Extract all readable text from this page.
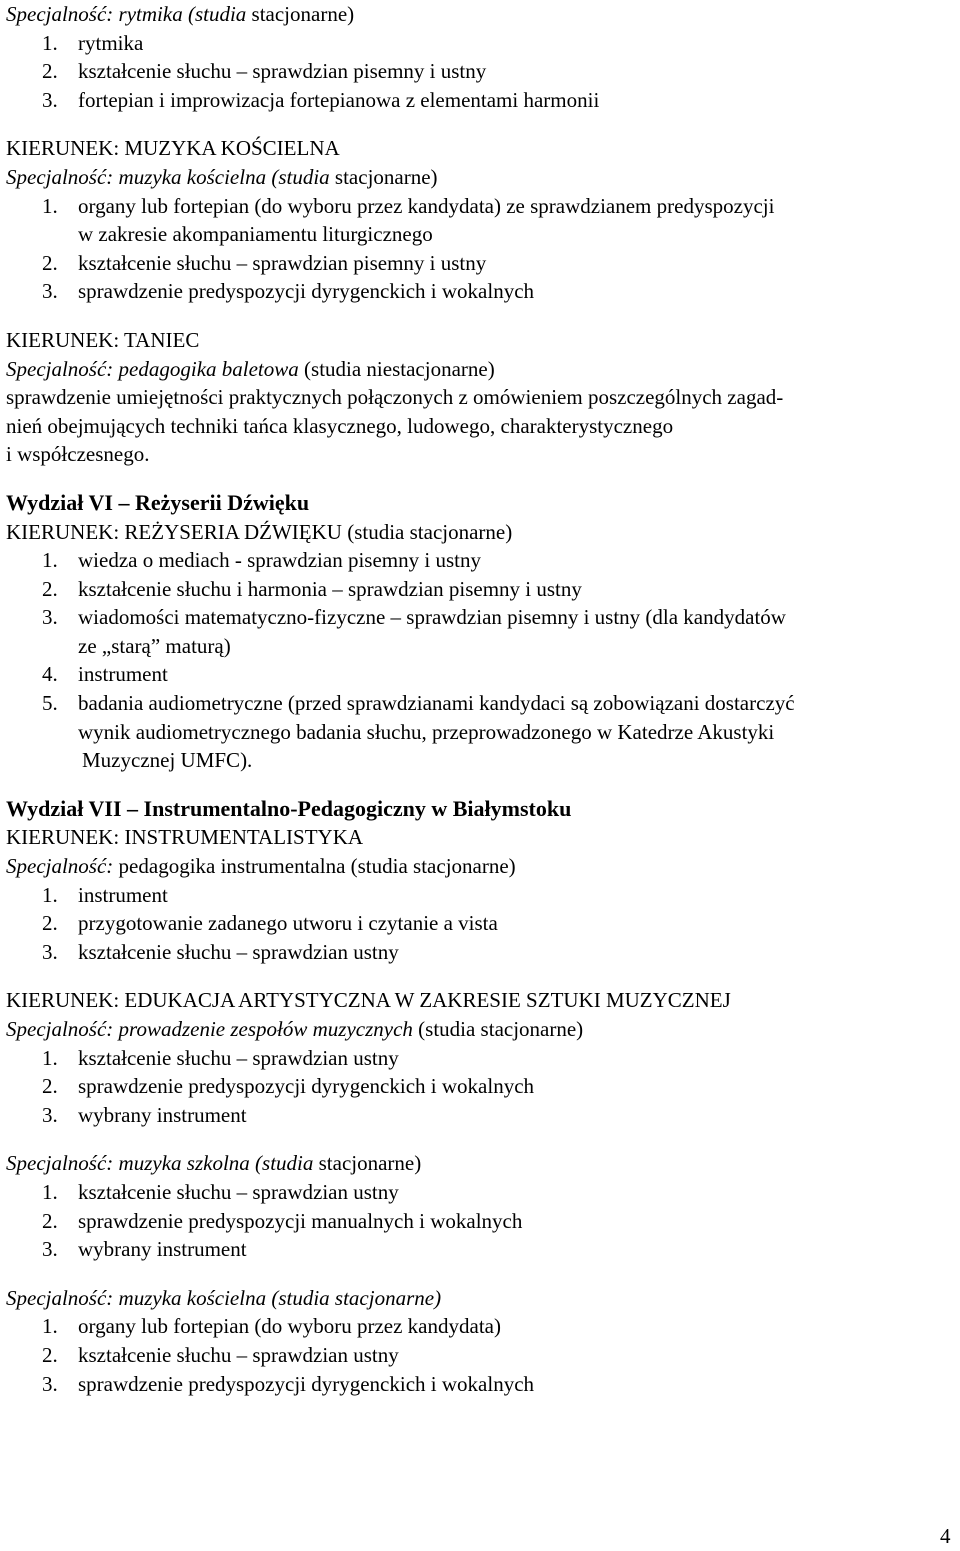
Specjalność: rytmika (studia stacjonarne)
1. rytmika
2. kształcenie słuchu – sprawdzian pisemny i ustny
3. fortepian i improwizacja fortepianowa z elementami harmonii
KIERUNEK: MUZYKA KOŚCIELNA
Specjalność: muzyka kościelna (studia stacjonarne)
1. organy lub fortepian (do wyboru przez kandydata) ze sprawdzianem predyspozycji
w zakresie akompaniamentu liturgicznego
2. kształcenie słuchu – sprawdzian pisemny i ustny
3. sprawdzenie predyspozycji dyrygenckich i wokalnych
KIERUNEK: TANIEC
Specjalność: pedagogika baletowa (studia niestacjonarne)
sprawdzenie umiejętności praktycznych połączonych z omówieniem poszczególnych zagad-
nień obejmujących techniki tańca klasycznego, ludowego, charakterystycznego
i współczesnego.
Wydział VI – Reżyserii Dźwięku
KIERUNEK: REŻYSERIA DŹWIĘKU (studia stacjonarne)
1. wiedza o mediach - sprawdzian pisemny i ustny
2. kształcenie słuchu i harmonia – sprawdzian pisemny i ustny
3. wiadomości matematyczno-fizyczne – sprawdzian pisemny i ustny (dla kandydatów
ze „starą” maturą)
4. instrument
5. badania audiometryczne (przed sprawdzianami kandydaci są zobowiązani dostarczyć
wynik audiometrycznego badania słuchu, przeprowadzonego w Katedrze Akustyki
Muzycznej UMFC).
Wydział VII – Instrumentalno-Pedagogiczny w Białymstoku
KIERUNEK: INSTRUMENTALISTYKA
Specjalność: pedagogika instrumentalna (studia stacjonarne)
1. instrument
2. przygotowanie zadanego utworu i czytanie a vista
3. kształcenie słuchu – sprawdzian ustny
KIERUNEK: EDUKACJA ARTYSTYCZNA W ZAKRESIE SZTUKI MUZYCZNEJ
Specjalność: prowadzenie zespołów muzycznych (studia stacjonarne)
1. kształcenie słuchu – sprawdzian ustny
2. sprawdzenie predyspozycji dyrygenckich i wokalnych
3. wybrany instrument
Specjalność: muzyka szkolna (studia stacjonarne)
1. kształcenie słuchu – sprawdzian ustny
2. sprawdzenie predyspozycji manualnych i wokalnych
3. wybrany instrument
Specjalność: muzyka kościelna (studia stacjonarne)
1. organy lub fortepian (do wyboru przez kandydata)
2. kształcenie słuchu – sprawdzian ustny
3. sprawdzenie predyspozycji dyrygenckich i wokalnych
4
